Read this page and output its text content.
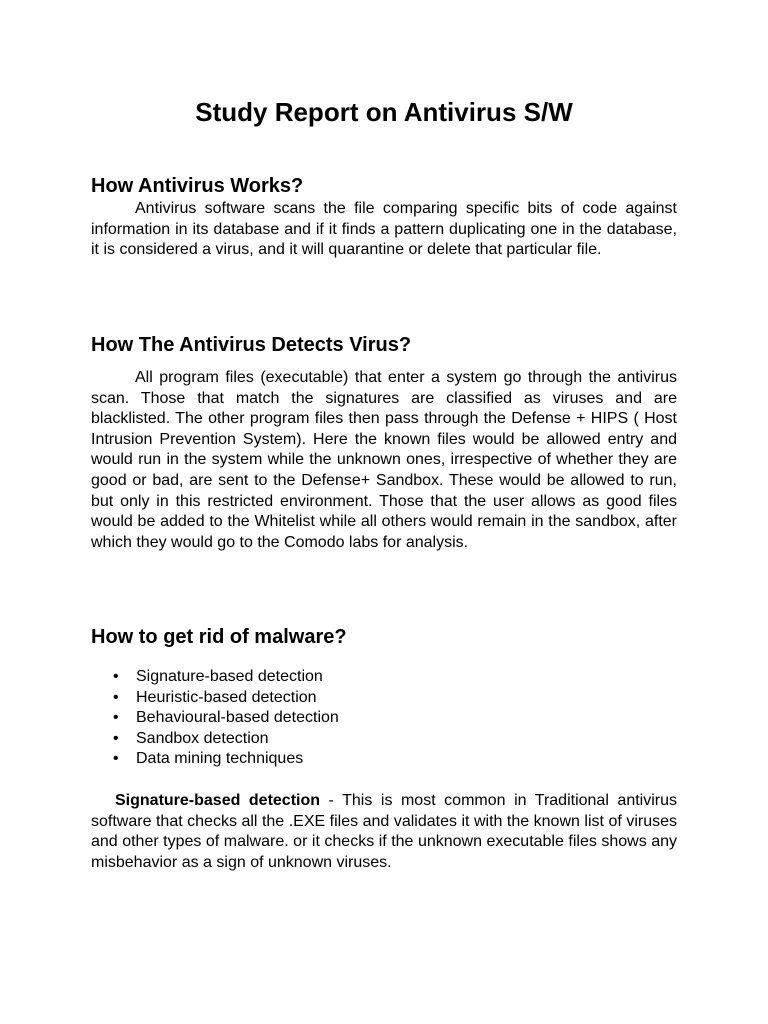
Study Report on Antivirus S/W
How Antivirus Works?

Antivirus software scans the file comparing specific bits of code against information in its database and if it finds a pattern duplicating one in the database, it is considered a virus, and it will quarantine or delete that particular file.

How The Antivirus Detects Virus?

All program files (executable) that enter a system go through the antivirus scan. Those that match the signatures are classified as viruses and are blacklisted. The other program files then pass through the Defense + HIPS ( Host Intrusion Prevention System). Here the known files would be allowed entry and would run in the system while the unknown ones, irrespective of whether they are good or bad, are sent to the Defense+ Sandbox. These would be allowed to run, but only in this restricted environment. Those that the user allows as good files would be added to the Whitelist while all others would remain in the sandbox, after which they would go to the Comodo labs for analysis.

How to get rid of malware?
• Signature-based detection
• Heuristic-based detection
• Behavioural-based detection
• Sandbox detection
• Data mining techniques

Signature-based detection - This is most common in Traditional antivirus software that checks all the .EXE files and validates it with the known list of viruses and other types of malware. or it checks if the unknown executable files shows any misbehavior as a sign of unknown viruses.
